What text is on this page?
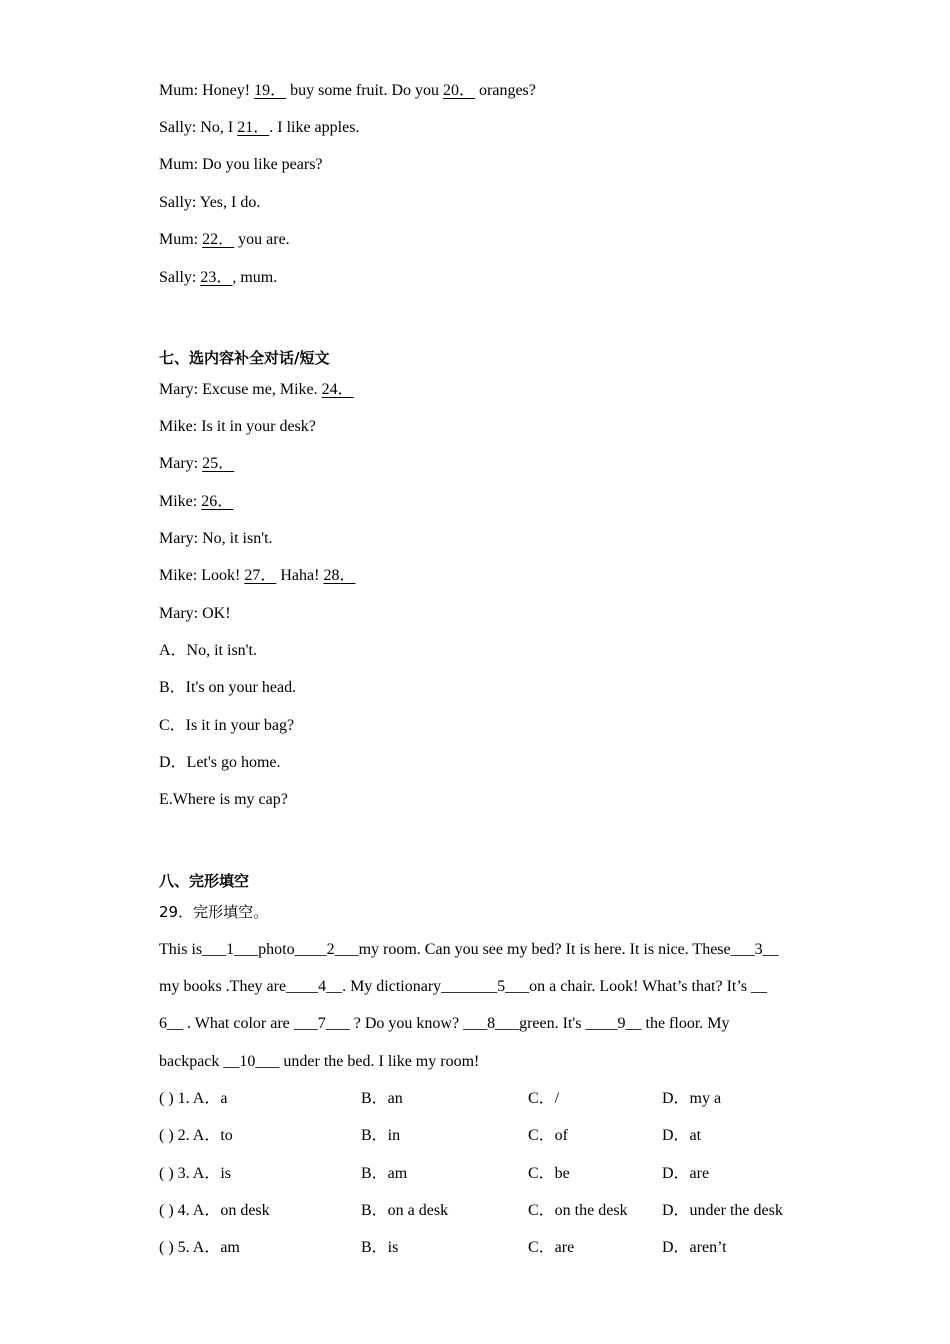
Mum: Honey! 19． buy some fruit. Do you 20． oranges?
Sally: No, I 21．. I like apples.
Mum: Do you like pears?
Sally: Yes, I do.
Mum: 22． you are.
Sally: 23．, mum.
七、选内容补全对话/短文
Mary: Excuse me, Mike. 24．
Mike: Is it in your desk?
Mary: 25．
Mike: 26．
Mary: No, it isn't.
Mike: Look! 27． Haha! 28．
Mary: OK!
A．No, it isn't.
B．It's on your head.
C．Is it in your bag?
D．Let's go home.
E.Where is my cap?
八、完形填空
29．完形填空。
This is___1___photo____2___my room. Can you see my bed? It is here. It is nice. These___3__
my books .They are____4__. My dictionary_______5___on a chair. Look! What’s that? It’s __
6__ . What color are ___7___ ? Do you know? ___8___green. It's ____9__ the floor. My
backpack __10___ under the bed. I like my room!
( ) 1. A．a	B．an	C．/	D．my a
( ) 2. A．to	B．in	C．of	D．at
( ) 3. A．is	B．am	C．be	D．are
( ) 4. A．on desk	B．on a desk	C．on the desk D．under the desk
( ) 5. A．am	B．is	C．are	D．aren’t
